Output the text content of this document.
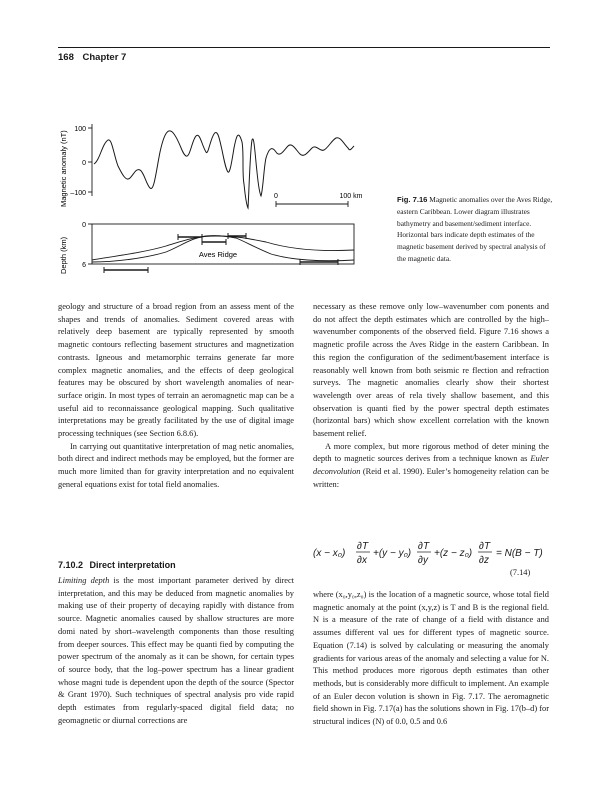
168 Chapter 7
Magnetic anomaly (nT)
Depth (km)
100
0
–100	0	100 km
0
6
Aves Ridge
Fig. 7.16 Magnetic anomalies over the Aves Ridge, eastern Caribbean. Lower diagram illustrates bathymetry and basement/sediment interface. Horizontal bars indicate depth estimates of the magnetic basement derived by spectral analysis of the magnetic data.

geology and structure of a broad region from an assess ment of the shapes and trends of anomalies. Sediment covered areas with relatively deep basement are typically represented by smooth magnetic contours reflecting basement structures and magnetization contrasts. Igneous and metamorphic terrains generate far more complex magnetic anomalies, and the effects of deep geological features may be obscured by short wavelength anomalies of near-surface origin. In most types of terrain an aeromagnetic map can be a useful aid to reconnaissance geological mapping. Such qualitative interpretations may be greatly facilitated by the use of digital image processing techniques (see Section 6.8.6).

In carrying out quantitative interpretation of mag netic anomalies, both direct and indirect methods may be employed, but the former are much more limited than for gravity interpretation and no equivalent general equations exist for total field anomalies.

7.10.2 Direct interpretation

Limiting depth is the most important parameter derived by direct interpretation, and this may be deduced from magnetic anomalies by making use of their property of decaying rapidly with distance from source. Magnetic anomalies caused by shallow structures are more domi nated by short–wavelength components than those resulting from deeper sources. This effect may be quanti fied by computing the power spectrum of the anomaly as it can be shown, for certain types of source body, that the log–power spectrum has a linear gradient whose magni tude is dependent upon the depth of the source (Spector & Grant 1970). Such techniques of spectral analysis pro vide rapid depth estimates from regularly-spaced digital field data; no geomagnetic or diurnal corrections are

necessary as these remove only low–wavenumber com ponents and do not affect the depth estimates which are controlled by the high–wavenumber components of the observed field. Figure 7.16 shows a magnetic profile across the Aves Ridge in the eastern Caribbean. In this region the configuration of the sediment/basement interface is reasonably well known from both seismic re flection and refraction surveys. The magnetic anomalies clearly show their shortest wavelength over areas of rela tively shallow basement, and this observation is quanti fied by the power spectral depth estimates (horizontal bars) which show excellent correlation with the known basement relief.

A more complex, but more rigorous method of deter mining the depth to magnetic sources derives from a technique known as Euler deconvolution (Reid et al. 1990). Euler’s homogeneity relation can be written:

(x − x₀)
∂T
∂x
+(y − y₀)
∂T
∂y
+(z − z₀)
∂T
∂z
= N(B − T)
(7.14)

where (x₀,y₀,z₀) is the location of a magnetic source, whose total field magnetic anomaly at the point (x,y,z) is T and B is the regional field. N is a measure of the rate of change of a field with distance and assumes different val ues for different types of magnetic source. Equation (7.14) is solved by calculating or measuring the anomaly gradients for various areas of the anomaly and selecting a value for N. This method produces more rigorous depth estimates than other methods, but is considerably more difficult to implement. An example of an Euler decon volution is shown in Fig. 7.17. The aeromagnetic field shown in Fig. 7.17(a) has the solutions shown in Fig. 17(b–d) for structural indices (N) of 0.0, 0.5 and 0.6
